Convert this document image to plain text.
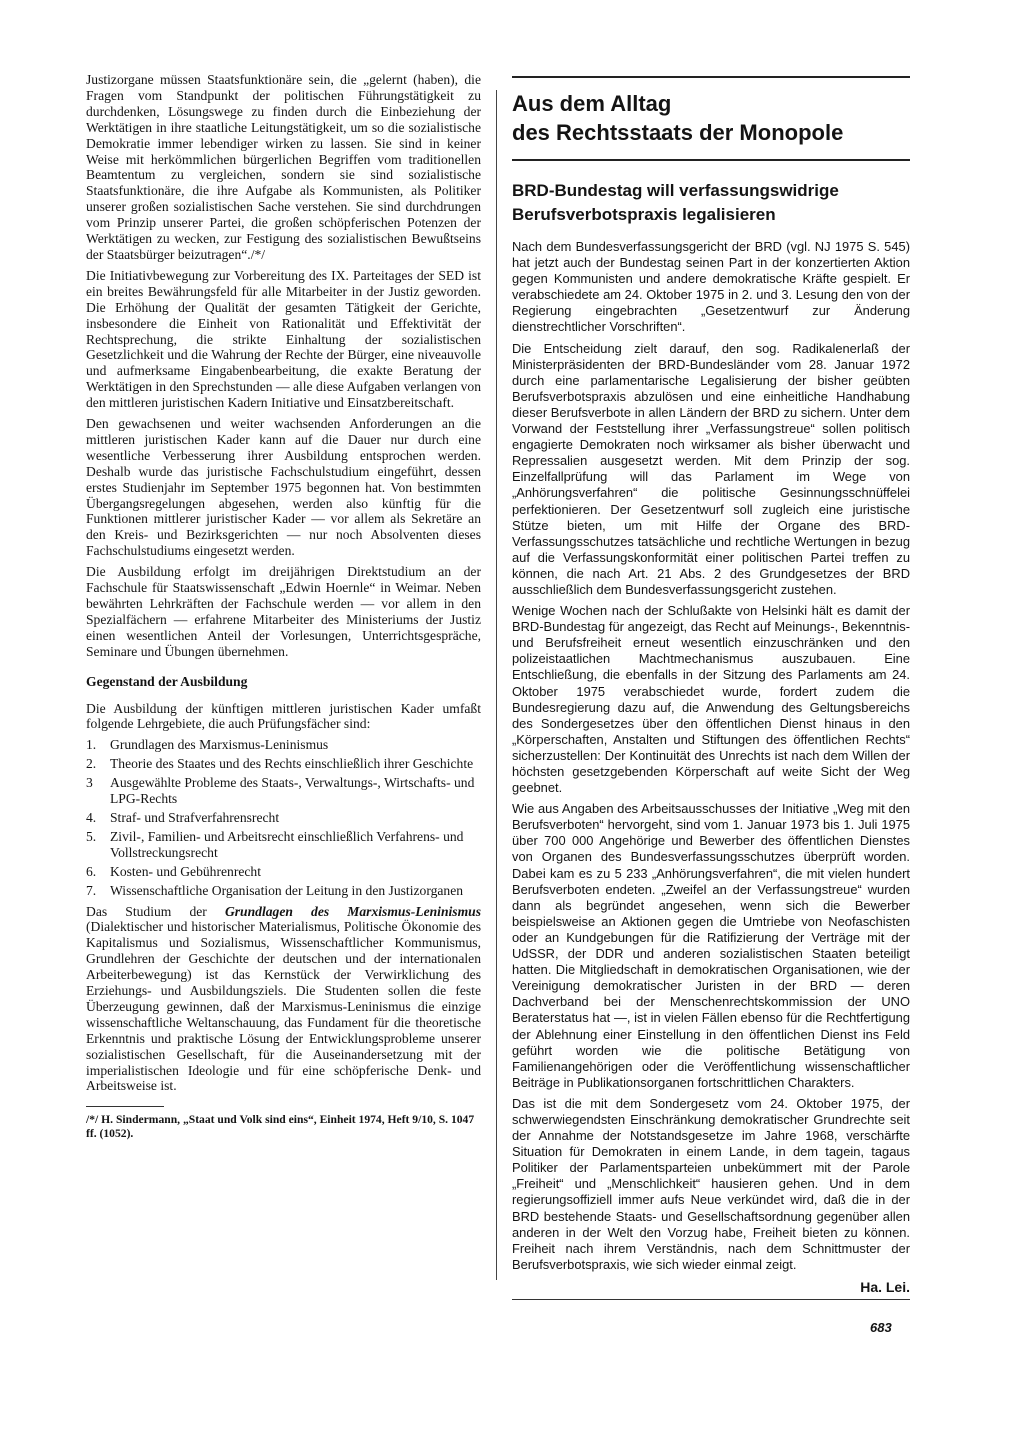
Justizorgane müssen Staatsfunktionäre sein, die „gelernt (haben), die Fragen vom Standpunkt der politischen Führungstätigkeit zu durchdenken, Lösungswege zu finden durch die Einbeziehung der Werktätigen in ihre staatliche Leitungstätigkeit, um so die sozialistische Demokratie immer lebendiger wirken zu lassen. Sie sind in keiner Weise mit herkömmlichen bürgerlichen Begriffen vom traditionellen Beamtentum zu vergleichen, sondern sie sind sozialistische Staatsfunktionäre, die ihre Aufgabe als Kommunisten, als Politiker unserer großen sozialistischen Sache verstehen. Sie sind durchdrungen vom Prinzip unserer Partei, die großen schöpferischen Potenzen der Werktätigen zu wecken, zur Festigung des sozialistischen Bewußtseins der Staatsbürger beizutragen“./*/

Die Initiativbewegung zur Vorbereitung des IX. Parteitages der SED ist ein breites Bewährungsfeld für alle Mitarbeiter in der Justiz geworden. Die Erhöhung der Qualität der gesamten Tätigkeit der Gerichte, insbesondere die Einheit von Rationalität und Effektivität der Rechtsprechung, die strikte Einhaltung der sozialistischen Gesetzlichkeit und die Wahrung der Rechte der Bürger, eine niveauvolle und aufmerksame Eingabenbearbeitung, die exakte Beratung der Werktätigen in den Sprechstunden — alle diese Aufgaben verlangen von den mittleren juristischen Kadern Initiative und Einsatzbereitschaft.

Den gewachsenen und weiter wachsenden Anforderungen an die mittleren juristischen Kader kann auf die Dauer nur durch eine wesentliche Verbesserung ihrer Ausbildung entsprochen werden. Deshalb wurde das juristische Fachschulstudium eingeführt, dessen erstes Studienjahr im September 1975 begonnen hat. Von bestimmten Übergangsregelungen abgesehen, werden also künftig für die Funktionen mittlerer juristischer Kader — vor allem als Sekretäre an den Kreis- und Bezirksgerichten — nur noch Absolventen dieses Fachschulstudiums eingesetzt werden.

Die Ausbildung erfolgt im dreijährigen Direktstudium an der Fachschule für Staatswissenschaft „Edwin Hoernle“ in Weimar. Neben bewährten Lehrkräften der Fachschule werden — vor allem in den Spezialfächern — erfahrene Mitarbeiter des Ministeriums der Justiz einen wesentlichen Anteil der Vorlesungen, Unterrichtsgespräche, Seminare und Übungen übernehmen.

Gegenstand der Ausbildung

Die Ausbildung der künftigen mittleren juristischen Kader umfaßt folgende Lehrgebiete, die auch Prüfungsfächer sind:

1.	Grundlagen des Marxismus-Leninismus
2.	Theorie des Staates und des Rechts einschließlich ihrer Geschichte
3	Ausgewählte Probleme des Staats-, Verwaltungs-, Wirtschafts- und LPG-Rechts
4.	Straf- und Strafverfahrensrecht
5.	Zivil-, Familien- und Arbeitsrecht einschließlich Verfahrens- und Vollstreckungsrecht
6.	Kosten- und Gebührenrecht
7.	Wissenschaftliche Organisation der Leitung in den Justizorganen

Das Studium der Grundlagen des Marxismus-Leninismus (Dialektischer und historischer Materialismus, Politische Ökonomie des Kapitalismus und Sozialismus, Wissenschaftlicher Kommunismus, Grundlehren der Geschichte der deutschen und der internationalen Arbeiterbewegung) ist das Kernstück der Verwirklichung des Erziehungs- und Ausbildungsziels. Die Studenten sollen die feste Überzeugung gewinnen, daß der Marxismus-Leninismus die einzige wissenschaftliche Weltanschauung, das Fundament für die theoretische Erkenntnis und praktische Lösung der Entwicklungsprobleme unserer sozialistischen Gesellschaft, für die Auseinandersetzung mit der imperialistischen Ideologie und für eine schöpferische Denk- und Arbeitsweise ist.

/*/ H. Sindermann, „Staat und Volk sind eins“, Einheit 1974, Heft 9/10, S. 1047 ff. (1052).

Aus dem Alltag
des Rechtsstaats der Monopole
BRD-Bundestag will verfassungswidrige
Berufsverbotspraxis legalisieren

Nach dem Bundesverfassungsgericht der BRD (vgl. NJ 1975 S. 545) hat jetzt auch der Bundestag seinen Part in der konzertierten Aktion gegen Kommunisten und andere demokratische Kräfte gespielt. Er verabschiedete am 24. Oktober 1975 in 2. und 3. Lesung den von der Regierung eingebrachten „Gesetzentwurf zur Änderung dienstrechtlicher Vorschriften“.

Die Entscheidung zielt darauf, den sog. Radikalenerlaß der Ministerpräsidenten der BRD-Bundesländer vom 28. Januar 1972 durch eine parlamentarische Legalisierung der bisher geübten Berufsverbotspraxis abzulösen und eine einheitliche Handhabung dieser Berufsverbote in allen Ländern der BRD zu sichern. Unter dem Vorwand der Feststellung ihrer „Verfassungstreue“ sollen politisch engagierte Demokraten noch wirksamer als bisher überwacht und Repressalien ausgesetzt werden. Mit dem Prinzip der sog. Einzelfallprüfung will das Parlament im Wege von „Anhörungsverfahren“ die politische Gesinnungsschnüffelei perfektionieren. Der Gesetzentwurf soll zugleich eine juristische Stütze bieten, um mit Hilfe der Organe des BRD-Verfassungsschutzes tatsächliche und rechtliche Wertungen in bezug auf die Verfassungskonformität einer politischen Partei treffen zu können, die nach Art. 21 Abs. 2 des Grundgesetzes der BRD ausschließlich dem Bundesverfassungsgericht zustehen.

Wenige Wochen nach der Schlußakte von Helsinki hält es damit der BRD-Bundestag für angezeigt, das Recht auf Meinungs-, Bekenntnis- und Berufsfreiheit erneut wesentlich einzuschränken und den polizeistaatlichen Machtmechanismus auszubauen. Eine Entschließung, die ebenfalls in der Sitzung des Parlaments am 24. Oktober 1975 verabschiedet wurde, fordert zudem die Bundesregierung dazu auf, die Anwendung des Geltungsbereichs des Sondergesetzes über den öffentlichen Dienst hinaus in den „Körperschaften, Anstalten und Stiftungen des öffentlichen Rechts“ sicherzustellen: Der Kontinuität des Unrechts ist nach dem Willen der höchsten gesetzgebenden Körperschaft auf weite Sicht der Weg geebnet.

Wie aus Angaben des Arbeitsausschusses der Initiative „Weg mit den Berufsverboten“ hervorgeht, sind vom 1. Januar 1973 bis 1. Juli 1975 über 700 000 Angehörige und Bewerber des öffentlichen Dienstes von Organen des Bundesverfassungsschutzes überprüft worden. Dabei kam es zu 5 233 „Anhörungsverfahren“, die mit vielen hundert Berufsverboten endeten. „Zweifel an der Verfassungstreue“ wurden dann als begründet angesehen, wenn sich die Bewerber beispielsweise an Aktionen gegen die Umtriebe von Neofaschisten oder an Kundgebungen für die Ratifizierung der Verträge mit der UdSSR, der DDR und anderen sozialistischen Staaten beteiligt hatten. Die Mitgliedschaft in demokratischen Organisationen, wie der Vereinigung demokratischer Juristen in der BRD — deren Dachverband bei der Menschenrechtskommission der UNO Beraterstatus hat —, ist in vielen Fällen ebenso für die Rechtfertigung der Ablehnung einer Einstellung in den öffentlichen Dienst ins Feld geführt worden wie die politische Betätigung von Familienangehörigen oder die Veröffentlichung wissenschaftlicher Beiträge in Publikationsorganen fortschrittlichen Charakters.

Das ist die mit dem Sondergesetz vom 24. Oktober 1975, der schwerwiegendsten Einschränkung demokratischer Grundrechte seit der Annahme der Notstandsgesetze im Jahre 1968, verschärfte Situation für Demokraten in einem Lande, in dem tagein, tagaus Politiker der Parlamentsparteien unbekümmert mit der Parole „Freiheit“ und „Menschlichkeit“ hausieren gehen. Und in dem regierungsoffiziell immer aufs Neue verkündet wird, daß die in der BRD bestehende Staats- und Gesellschaftsordnung gegenüber allen anderen in der Welt den Vorzug habe, Freiheit bieten zu können. Freiheit nach ihrem Verständnis, nach dem Schnittmuster der Berufsverbotspraxis, wie sich wieder einmal zeigt.

Ha. Lei.
683
